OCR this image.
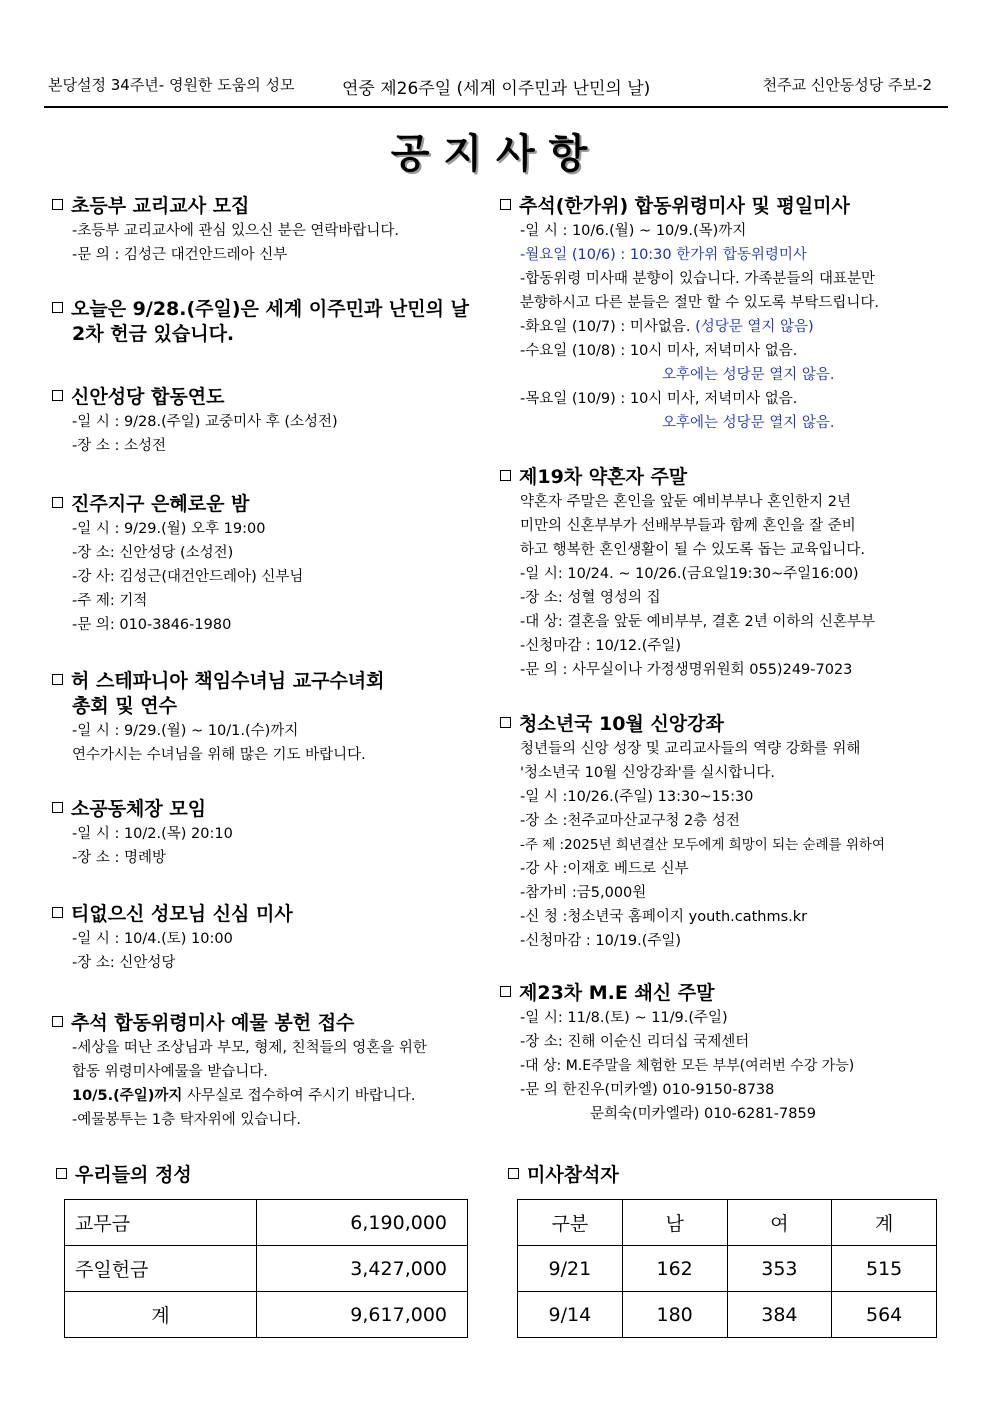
본당설정 34주년- 영원한 도움의 성모	연중 제26주일 (세계 이주민과 난민의 날)	천주교 신안동성당 주보-2
공지사항
초등부 교리교사 모집
-초등부 교리교사에 관심 있으신 분은 연락바랍니다.
-문 의 : 김성근 대건안드레아 신부
오늘은 9/28.(주일)은 세계 이주민과 난민의 날
2차 헌금 있습니다.
신안성당 합동연도
-일 시 : 9/28.(주일) 교중미사 후 (소성전)
-장 소 : 소성전
진주지구 은혜로운 밤
-일 시 : 9/29.(월) 오후 19:00
-장 소: 신안성당 (소성전)
-강 사: 김성근(대건안드레아) 신부님
-주 제: 기적
-문 의: 010-3846-1980
허 스테파니아 책임수녀님 교구수녀회
총회 및 연수
-일 시 : 9/29.(월) ~ 10/1.(수)까지
연수가시는 수녀님을 위해 많은 기도 바랍니다.
소공동체장 모임
-일 시 : 10/2.(목) 20:10
-장 소 : 명례방
티없으신 성모님 신심 미사
-일 시 : 10/4.(토) 10:00
-장 소: 신안성당
추석 합동위령미사 예물 봉헌 접수
-세상을 떠난 조상님과 부모, 형제, 친척들의 영혼을 위한
합동 위령미사예물을 받습니다.
10/5.(주일)까지 사무실로 접수하여 주시기 바랍니다.
-예물봉투는 1층 탁자위에 있습니다.
추석(한가위) 합동위령미사 및 평일미사
-일 시 : 10/6.(월) ~ 10/9.(목)까지
-월요일 (10/6) : 10:30 한가위 합동위령미사
-합동위령 미사때 분향이 있습니다. 가족분들의 대표분만
분향하시고 다른 분들은 절만 할 수 있도록 부탁드립니다.
-화요일 (10/7) : 미사없음. (성당문 열지 않음)
-수요일 (10/8) : 10시 미사, 저녁미사 없음.
오후에는 성당문 열지 않음.
-목요일 (10/9) : 10시 미사, 저녁미사 없음.
오후에는 성당문 열지 않음.
제19차 약혼자 주말
약혼자 주말은 혼인을 앞둔 예비부부나 혼인한지 2년
미만의 신혼부부가 선배부부들과 함께 혼인을 잘 준비
하고 행복한 혼인생활이 될 수 있도록 돕는 교육입니다.
-일 시: 10/24. ~ 10/26.(금요일19:30~주일16:00)
-장 소: 성혈 영성의 집
-대 상: 결혼을 앞둔 예비부부, 결혼 2년 이하의 신혼부부
-신청마감 : 10/12.(주일)
-문 의 : 사무실이나 가정생명위원회 055)249-7023
청소년국 10월 신앙강좌
청년들의 신앙 성장 및 교리교사들의 역량 강화를 위해
'청소년국 10월 신앙강좌'를 실시합니다.
-일 시 :10/26.(주일) 13:30~15:30
-장 소 :천주교마산교구청 2층 성전
-주 제 :2025년 희년결산 모두에게 희망이 되는 순례를 위하여
-강 사 :이재호 베드로 신부
-참가비 :금5,000원
-신 청 :청소년국 홈페이지 youth.cathms.kr
-신청마감 : 10/19.(주일)
제23차 M.E 쇄신 주말
-일 시: 11/8.(토) ~ 11/9.(주일)
-장 소: 진해 이순신 리더십 국제센터
-대 상: M.E주말을 체험한 모든 부부(여러번 수강 가능)
-문 의 한진우(미카엘) 010-9150-8738
문희숙(미카엘라) 010-6281-7859
우리들의 정성
교무금	6,190,000
주일헌금	3,427,000
계	9,617,000
미사참석자
구분	남	여	계
9/21	162	353	515
9/14	180	384	564
